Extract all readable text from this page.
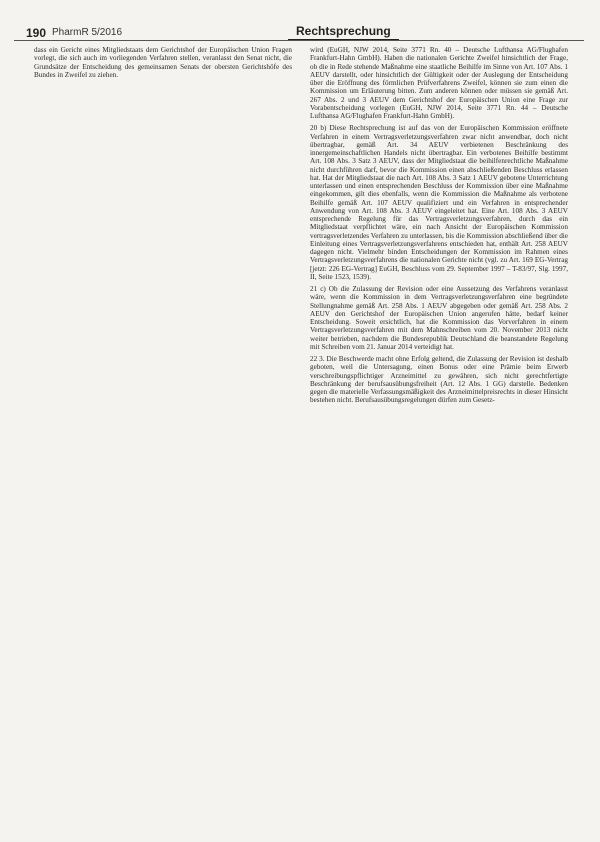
190 PharmR 5/2016	Rechtsprechung

dass ein Gericht eines Mitgliedstaats dem Gerichtshof der Europäischen Union Fragen vorlegt, die sich auch im vorliegenden Verfahren stellen, veranlasst den Senat nicht, die Grundsätze der Entscheidung des gemeinsamen Senats der obersten Gerichtshöfe des Bundes in Zweifel zu ziehen.

wird (EuGH, NJW 2014, Seite 3771 Rn. 40 – Deutsche Lufthansa AG/Flughafen Frankfurt-Hahn GmbH). Haben die nationalen Gerichte Zweifel hinsichtlich der Frage, ob die in Rede stehende Maßnahme eine staatliche Beihilfe im Sinne von Art. 107 Abs. 1 AEUV darstellt, oder hinsichtlich der Gültigkeit oder der Auslegung der Entscheidung über die Eröffnung des förmlichen Prüfverfahrens Zweifel, können sie zum einen die Kommission um Erläuterung bitten. Zum anderen können oder müssen sie gemäß Art. 267 Abs. 2 und 3 AEUV dem Gerichtshof der Europäischen Union eine Frage zur Vorabentscheidung vorlegen (EuGH, NJW 2014, Seite 3771 Rn. 44 – Deutsche Lufthansa AG/Flughafen Frankfurt-Hahn GmbH).

20 b) Diese Rechtsprechung ist auf das von der Europäischen Kommission eröffnete Verfahren in einem Vertragsverletzungsverfahren zwar nicht anwendbar, doch nicht übertragbar, gemäß Art. 34 AEUV verbietenen Beschränkung des innergemeinschaftlichen Handels nicht übertragbar. Ein verbotenes Beihilfe bestimmt Art. 108 Abs. 3 Satz 3 AEUV, dass der Mitgliedstaat die beihilfenrechtliche Maßnahme nicht durchführen darf, bevor die Kommission einen abschließenden Beschluss erlassen hat. Hat der Mitgliedstaat die nach Art. 108 Abs. 3 Satz 1 AEUV gebotene Unterrichtung unterlassen und einen entsprechenden Beschluss der Kommission über eine Maßnahme eingekommen, gilt dies ebenfalls, wenn die Kommission die Maßnahme als verbotene Beihilfe gemäß Art. 107 AEUV qualifiziert und ein Verfahren in entsprechender Anwendung von Art. 108 Abs. 3 AEUV eingeleitet hat. Eine Art. 108 Abs. 3 AEUV entsprechende Regelung für das Vertragsverletzungsverfahren, durch das ein Mitgliedstaat verpflichtet wäre, ein nach Ansicht der Europäischen Kommission vertragsverletzendes Verfahren zu unterlassen, bis die Kommission abschließend über die Einleitung eines Vertragsverletzungsverfahrens entschieden hat, enthält Art. 258 AEUV dagegen nicht. Vielmehr binden Entscheidungen der Kommission im Rahmen eines Vertragsverletzungsverfahrens die nationalen Gerichte nicht (vgl. zu Art. 169 EG-Vertrag [jetzt: 226 EG-Vertrag] EuGH, Beschluss vom 29. September 1997 – T-83/97, Slg. 1997, II, Seite 1523, 1539).

21 c) Ob die Zulassung der Revision oder eine Aussetzung des Verfahrens veranlasst wäre, wenn die Kommission in dem Vertragsverletzungsverfahren eine begründete Stellungnahme gemäß Art. 258 Abs. 1 AEUV abgegeben oder gemäß Art. 258 Abs. 2 AEUV den Gerichtshof der Europäischen Union angerufen hätte, bedarf keiner Entscheidung. Soweit ersichtlich, hat die Kommission das Vorverfahren in einem Vertragsverletzungsverfahren mit dem Mahnschreiben vom 20. November 2013 nicht weiter betrieben, nachdem die Bundesrepublik Deutschland die beanstandete Regelung mit Schreiben vom 21. Januar 2014 verteidigt hat.

22 3. Die Beschwerde macht ohne Erfolg geltend, die Zulassung der Revision ist deshalb geboten, weil die Untersagung, einen Bonus oder eine Prämie beim Erwerb verschreibungspflichtiger Arzneimittel zu gewähren, sich nicht gerechtfertigte Beschränkung der berufsausübungsfreiheit (Art. 12 Abs. 1 GG) darstelle. Bedenken gegen die materielle Verfassungsmäßigkeit des Arzneimittelpreisrechts in dieser Hinsicht bestehen nicht. Berufsausübungsregelungen dürfen zum Gesetz-
